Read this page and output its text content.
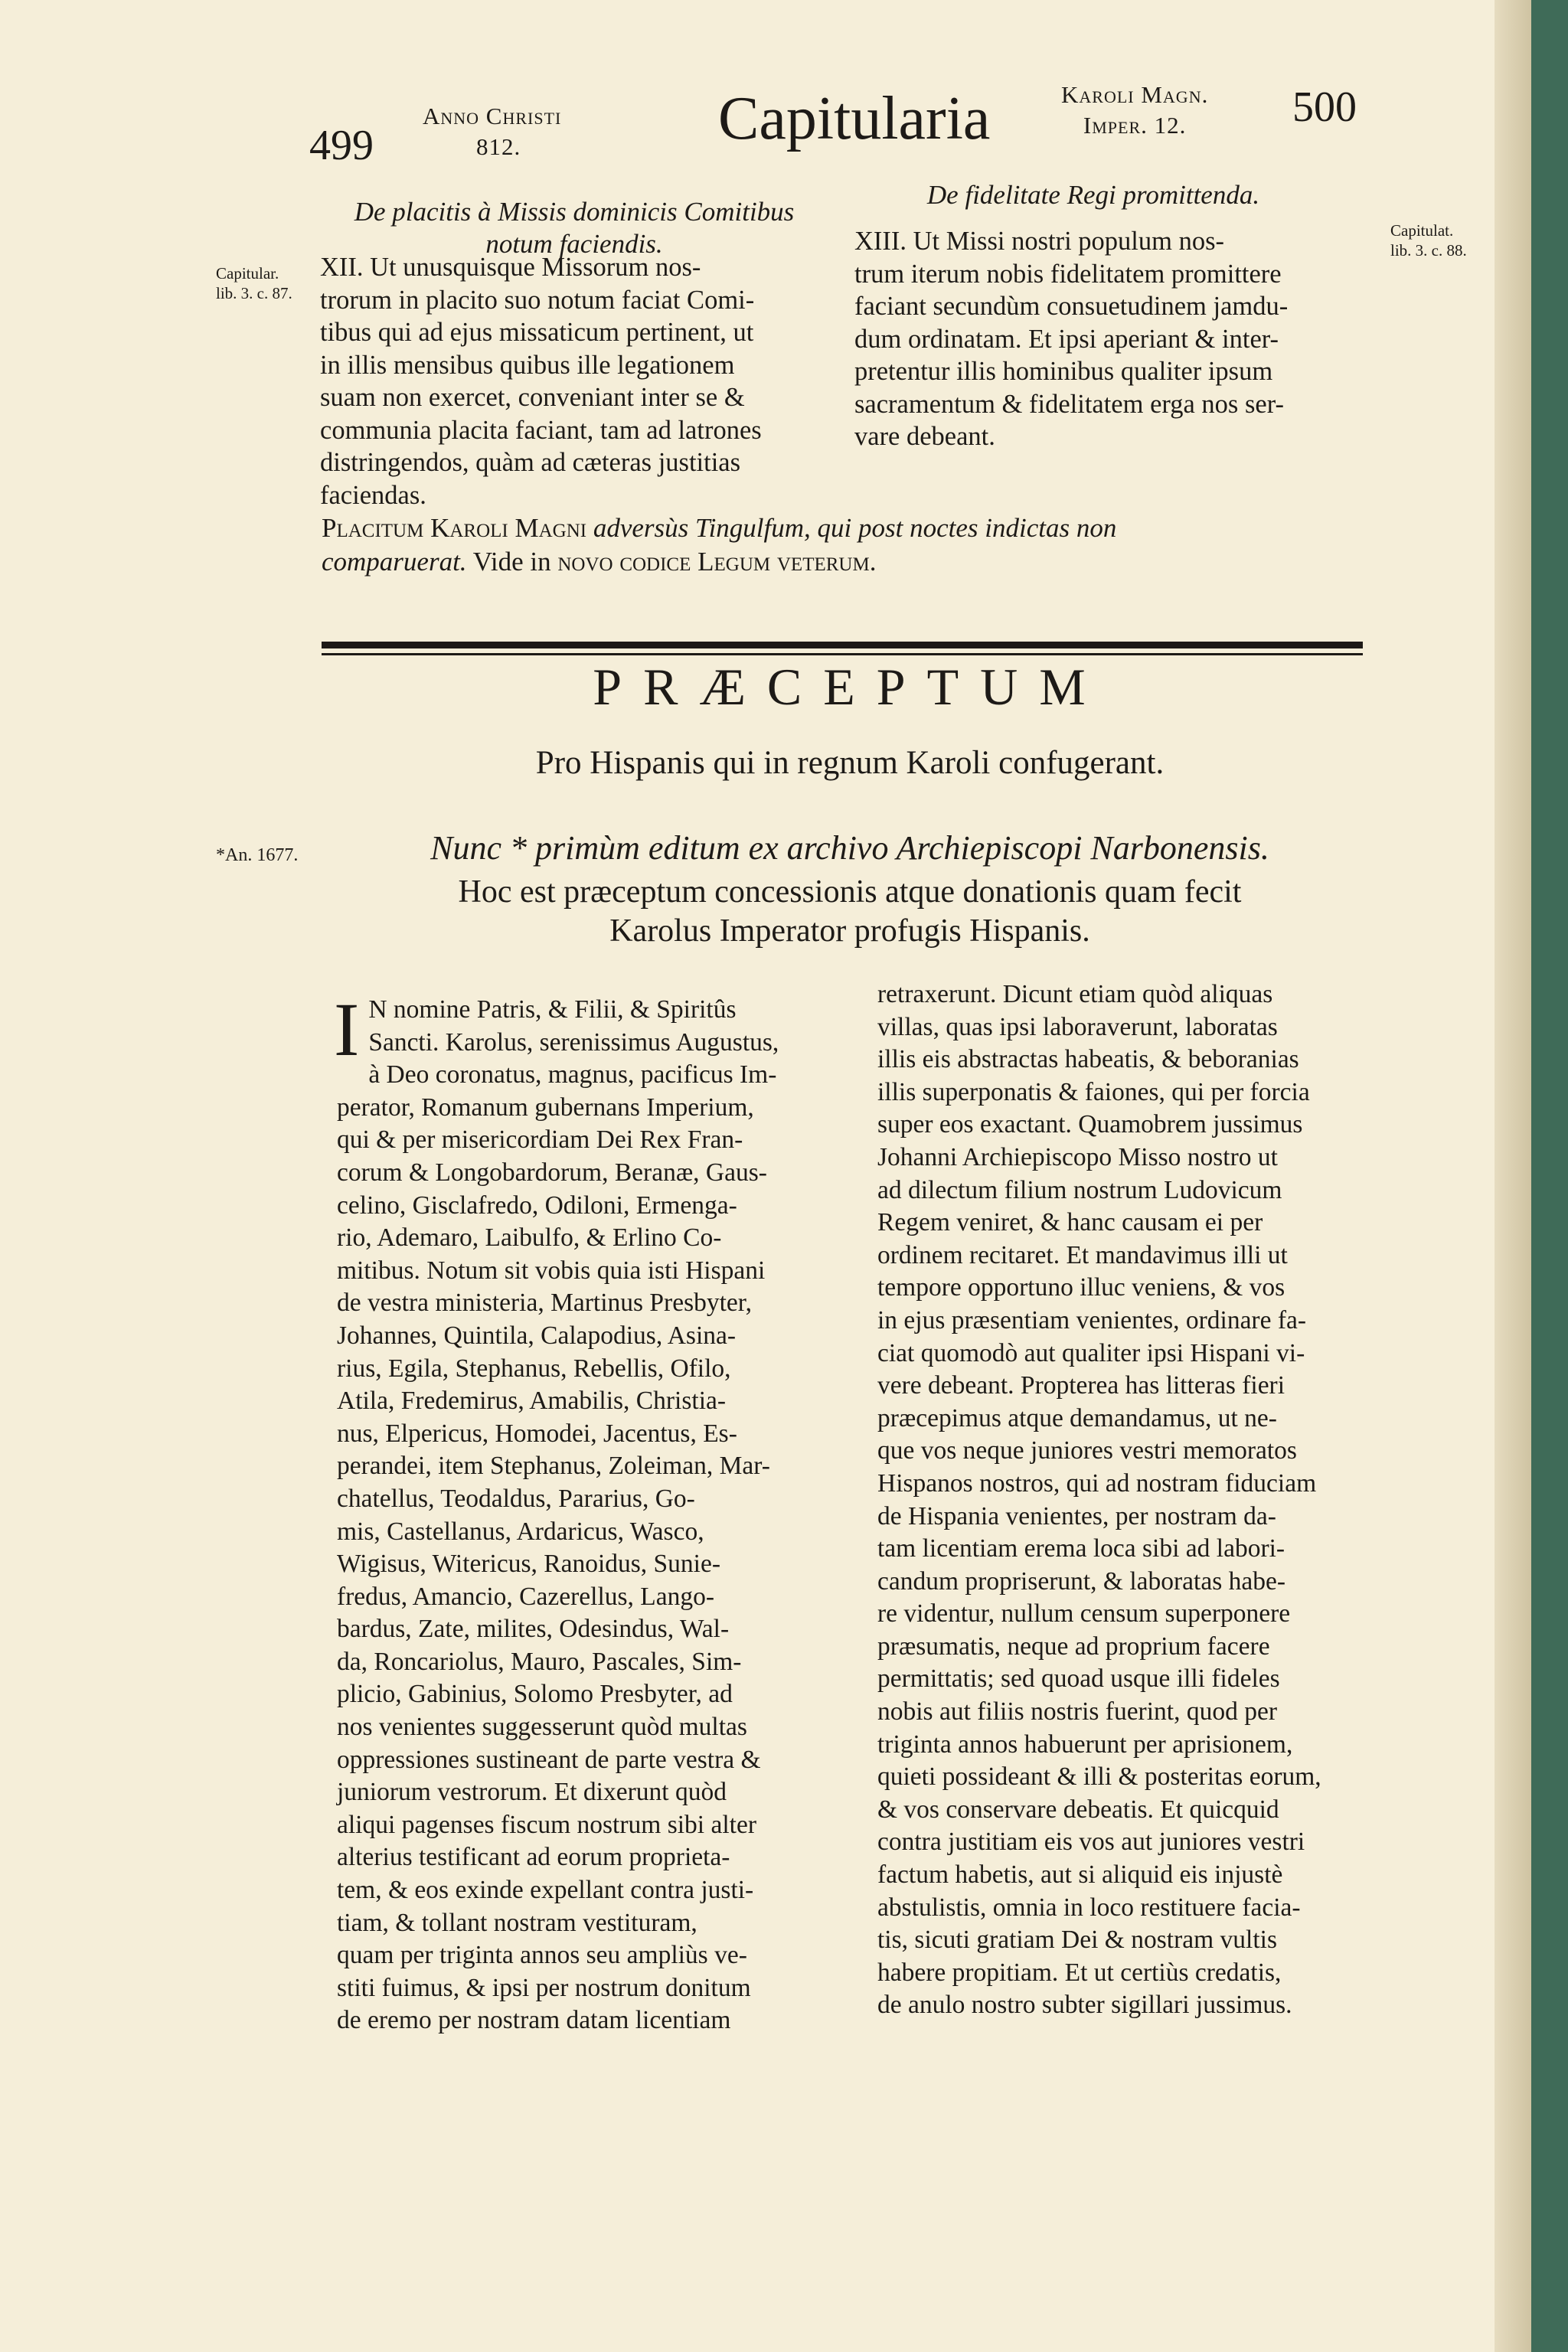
499
Anno Christi
812.	Capitularia	Karoli Magn.
Imper. 12.	500
De placitis à Missis dominicis Comitibus
notum faciendis.
Capitular.
lib. 3. c. 87.
XII. Ut unusquisque Missorum nos-
trorum in placito suo notum faciat Comi-
tibus qui ad ejus missaticum pertinent, ut
in illis mensibus quibus ille legationem
suam non exercet, conveniant inter se &
communia placita faciant, tam ad latrones
distringendos, quàm ad cæteras justitias
faciendas.
De fidelitate Regi promittenda.
Capitulat.
lib. 3. c. 88.
XIII. Ut Missi nostri populum nos-
trum iterum nobis fidelitatem promittere
faciant secundùm consuetudinem jamdu-
dum ordinatam. Et ipsi aperiant & inter-
pretentur illis hominibus qualiter ipsum
sacramentum & fidelitatem erga nos ser-
vare debeant.
Placitum Karoli Magni adversùs Tingulfum, qui post noctes indictas non
comparuerat. Vide in novo codice Legum veterum.
PRÆCEPTUM
Pro Hispanis qui in regnum Karoli confugerant.
*An. 1677.	Nunc * primùm editum ex archivo Archiepiscopi Narbonensis.
Hoc est præceptum concessionis atque donationis quam fecit
Karolus Imperator profugis Hispanis.
I N nomine Patris, & Filii, & Spiritûs
Sancti. Karolus, serenissimus Augustus,
à Deo coronatus, magnus, pacificus Im-
perator, Romanum gubernans Imperium,
qui & per misericordiam Dei Rex Fran-
corum & Longobardorum, Beranæ, Gaus-
celino, Gisclafredo, Odiloni, Ermenga-
rio, Ademaro, Laibulfo, & Erlino Co-
mitibus. Notum sit vobis quia isti Hispani
de vestra ministeria, Martinus Presbyter,
Johannes, Quintila, Calapodius, Asina-
rius, Egila, Stephanus, Rebellis, Ofilo,
Atila, Fredemirus, Amabilis, Christia-
nus, Elpericus, Homodei, Jacentus, Es-
perandei, item Stephanus, Zoleiman, Mar-
chatellus, Teodaldus, Pararius, Go-
mis, Castellanus, Ardaricus, Wasco,
Wigisus, Witericus, Ranoidus, Sunie-
fredus, Amancio, Cazerellus, Lango-
bardus, Zate, milites, Odesindus, Wal-
da, Roncariolus, Mauro, Pascales, Sim-
plicio, Gabinius, Solomo Presbyter, ad
nos venientes suggesserunt quòd multas
oppressiones sustineant de parte vestra &
juniorum vestrorum. Et dixerunt quòd
aliqui pagenses fiscum nostrum sibi alter
alterius testificant ad eorum proprieta-
tem, & eos exinde expellant contra justi-
tiam, & tollant nostram vestituram,
quam per triginta annos seu ampliùs ve-
stiti fuimus, & ipsi per nostrum donitum
de eremo per nostram datam licentiam
retraxerunt. Dicunt etiam quòd aliquas
villas, quas ipsi laboraverunt, laboratas
illis eis abstractas habeatis, & beboranias
illis superponatis & faiones, qui per forcia
super eos exactant. Quamobrem jussimus
Johanni Archiepiscopo Misso nostro ut
ad dilectum filium nostrum Ludovicum
Regem veniret, & hanc causam ei per
ordinem recitaret. Et mandavimus illi ut
tempore opportuno illuc veniens, & vos
in ejus præsentiam venientes, ordinare fa-
ciat quomodò aut qualiter ipsi Hispani vi-
vere debeant. Propterea has litteras fieri
præcepimus atque demandamus, ut ne-
que vos neque juniores vestri memoratos
Hispanos nostros, qui ad nostram fiduciam
de Hispania venientes, per nostram da-
tam licentiam erema loca sibi ad labori-
candum propriserunt, & laboratas habe-
re videntur, nullum censum superponere
præsumatis, neque ad proprium facere
permittatis; sed quoad usque illi fideles
nobis aut filiis nostris fuerint, quod per
triginta annos habuerunt per aprisionem,
quieti possideant & illi & posteritas eorum,
& vos conservare debeatis. Et quicquid
contra justitiam eis vos aut juniores vestri
factum habetis, aut si aliquid eis injustè
abstulistis, omnia in loco restituere facia-
tis, sicuti gratiam Dei & nostram vultis
habere propitiam. Et ut certiùs credatis,
de anulo nostro subter sigillari jussimus.
